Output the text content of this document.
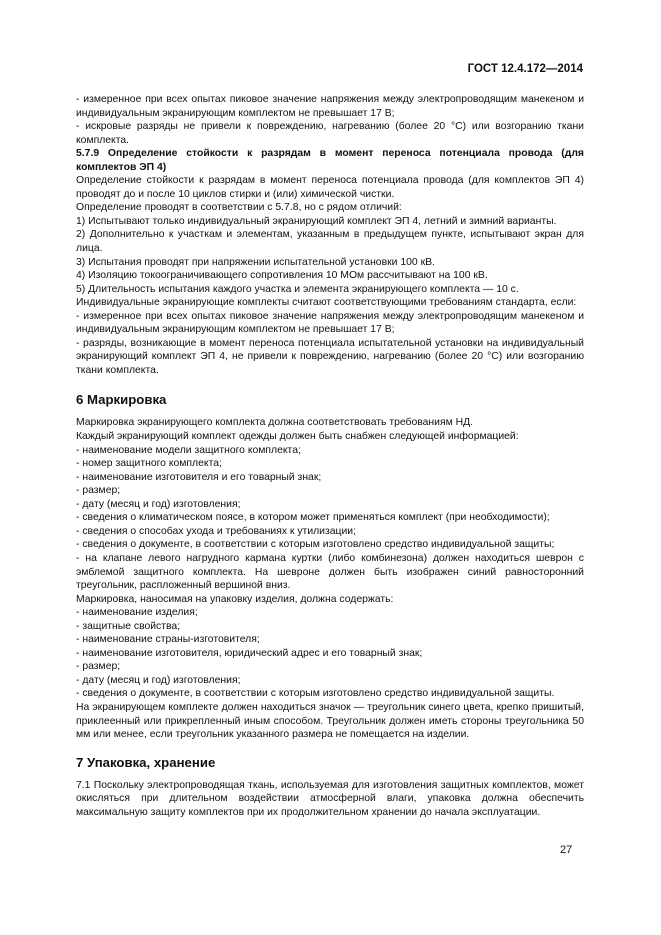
ГОСТ 12.4.172—2014

- измеренное при всех опытах пиковое значение напряжения между электропроводящим манекеном и индивидуальным экранирующим комплектом не превышает 17 В;

- искровые разряды не привели к повреждению, нагреванию (более 20 °С) или возгоранию ткани комплекта.

5.7.9 Определение стойкости к разрядам в момент переноса потенциала провода (для комплектов ЭП 4)

Определение стойкости к разрядам в момент переноса потенциала провода (для комплектов ЭП 4) проводят до и после 10 циклов стирки и (или) химической чистки.

Определение проводят в соответствии с 5.7.8, но с рядом отличий:

1) Испытывают только индивидуальный экранирующий комплект ЭП 4, летний и зимний варианты.

2) Дополнительно к участкам и элементам, указанным в предыдущем пункте, испытывают экран для лица.

3) Испытания проводят при напряжении испытательной установки 100 кВ.

4) Изоляцию токоограничивающего сопротивления 10 МОм рассчитывают на 100 кВ.

5) Длительность испытания каждого участка и элемента экранирующего комплекта — 10 с.

Индивидуальные экранирующие комплекты считают соответствующими требованиям стандарта, если:

- измеренное при всех опытах пиковое значение напряжения между электропроводящим манекеном и индивидуальным экранирующим комплектом не превышает 17 В;

- разряды, возникающие в момент переноса потенциала испытательной установки на индивидуальный экранирующий комплект ЭП 4, не привели к повреждению, нагреванию (более 20 °С) или возгоранию ткани комплекта.

6 Маркировка

Маркировка экранирующего комплекта должна соответствовать требованиям НД.

Каждый экранирующий комплект одежды должен быть снабжен следующей информацией:

- наименование модели защитного комплекта;

- номер защитного комплекта;

- наименование изготовителя и его товарный знак;

- размер;

- дату (месяц и год) изготовления;

- сведения о климатическом поясе, в котором может применяться комплект (при необходимости);

- сведения о способах ухода и требованиях к утилизации;

- сведения о документе, в соответствии с которым изготовлено средство индивидуальной защиты;

- на клапане левого нагрудного кармана куртки (либо комбинезона) должен находиться шеврон с эмблемой защитного комплекта. На шевроне должен быть изображен синий равносторонний треугольник, распложенный вершиной вниз.

Маркировка, наносимая на упаковку изделия, должна содержать:

- наименование изделия;

- защитные свойства;

- наименование страны-изготовителя;

- наименование изготовителя, юридический адрес и его товарный знак;

- размер;

- дату (месяц и год) изготовления;

- сведения о документе, в соответствии с которым изготовлено средство индивидуальной защиты.

На экранирующем комплекте должен находиться значок — треугольник синего цвета, крепко пришитый, приклеенный или прикрепленный иным способом. Треугольник должен иметь стороны треугольника 50 мм или менее, если треугольник указанного размера не помещается на изделии.

7 Упаковка, хранение

7.1 Поскольку электропроводящая ткань, используемая для изготовления защитных комплектов, может окисляться при длительном воздействии атмосферной влаги, упаковка должна обеспечить максимальную защиту комплектов при их продолжительном хранении до начала эксплуатации.

27
